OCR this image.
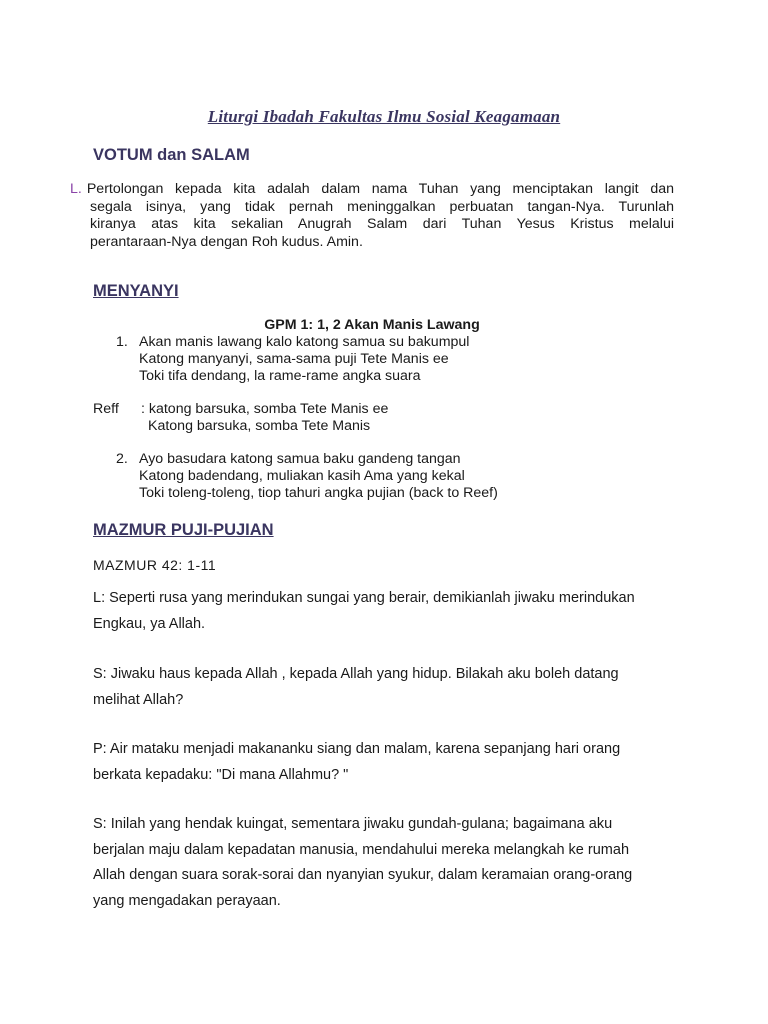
Liturgi Ibadah Fakultas Ilmu Sosial Keagamaan
VOTUM dan SALAM
L. Pertolongan kepada kita adalah dalam nama Tuhan yang menciptakan langit dan
segala isinya, yang tidak pernah meninggalkan perbuatan tangan-Nya. Turunlah
kiranya atas kita sekalian Anugrah Salam dari Tuhan Yesus Kristus melalui
perantaraan-Nya dengan Roh kudus. Amin.
MENYANYI
GPM 1: 1, 2 Akan Manis Lawang
1. Akan manis lawang kalo katong samua su bakumpul
Katong manyanyi, sama-sama puji Tete Manis ee
Toki tifa dendang, la rame-rame angka suara
Reff : katong barsuka, somba Tete Manis ee
Katong barsuka, somba Tete Manis
2. Ayo basudara katong samua baku gandeng tangan
Katong badendang, muliakan kasih Ama yang kekal
Toki toleng-toleng, tiop tahuri angka pujian (back to Reef)
MAZMUR PUJI-PUJIAN
MAZMUR 42: 1-11
L: Seperti rusa yang merindukan sungai yang berair, demikianlah jiwaku merindukan
Engkau, ya Allah.
S: Jiwaku haus kepada Allah , kepada Allah yang hidup. Bilakah aku boleh datang
melihat Allah?
P: Air mataku menjadi makananku siang dan malam, karena sepanjang hari orang
berkata kepadaku: "Di mana Allahmu? "
S: Inilah yang hendak kuingat, sementara jiwaku gundah-gulana; bagaimana aku
berjalan maju dalam kepadatan manusia, mendahului mereka melangkah ke rumah
Allah dengan suara sorak-sorai dan nyanyian syukur, dalam keramaian orang-orang
yang mengadakan perayaan.
